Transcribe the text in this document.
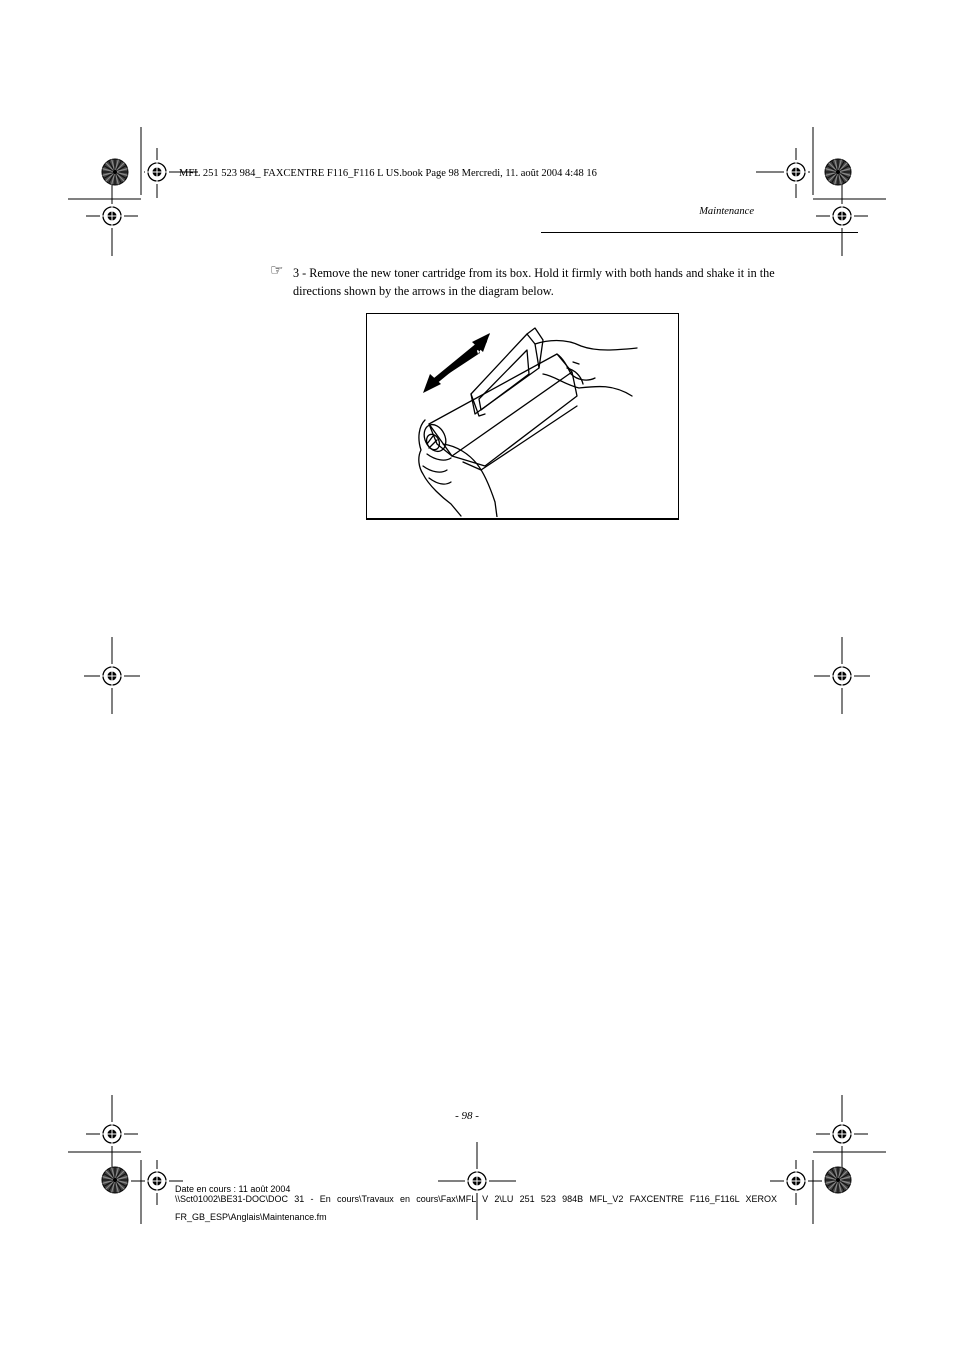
MFL 251 523 984_ FAXCENTRE F116_F116 L US.book Page 98 Mercredi, 11. août 2004 4:48 16
Maintenance
☞ 3 - Remove the new toner cartridge from its box. Hold it firmly with both hands and shake it in the directions shown by the arrows in the diagram below.
- 98 -
Date en cours : 11 août 2004
\\Sct01002\BE31-DOC\DOC 31 - En cours\Travaux en cours\Fax\MFL V 2\LU 251 523 984B MFL_V2 FAXCENTRE F116_F116L XEROX
FR_GB_ESP\Anglais\Maintenance.fm
